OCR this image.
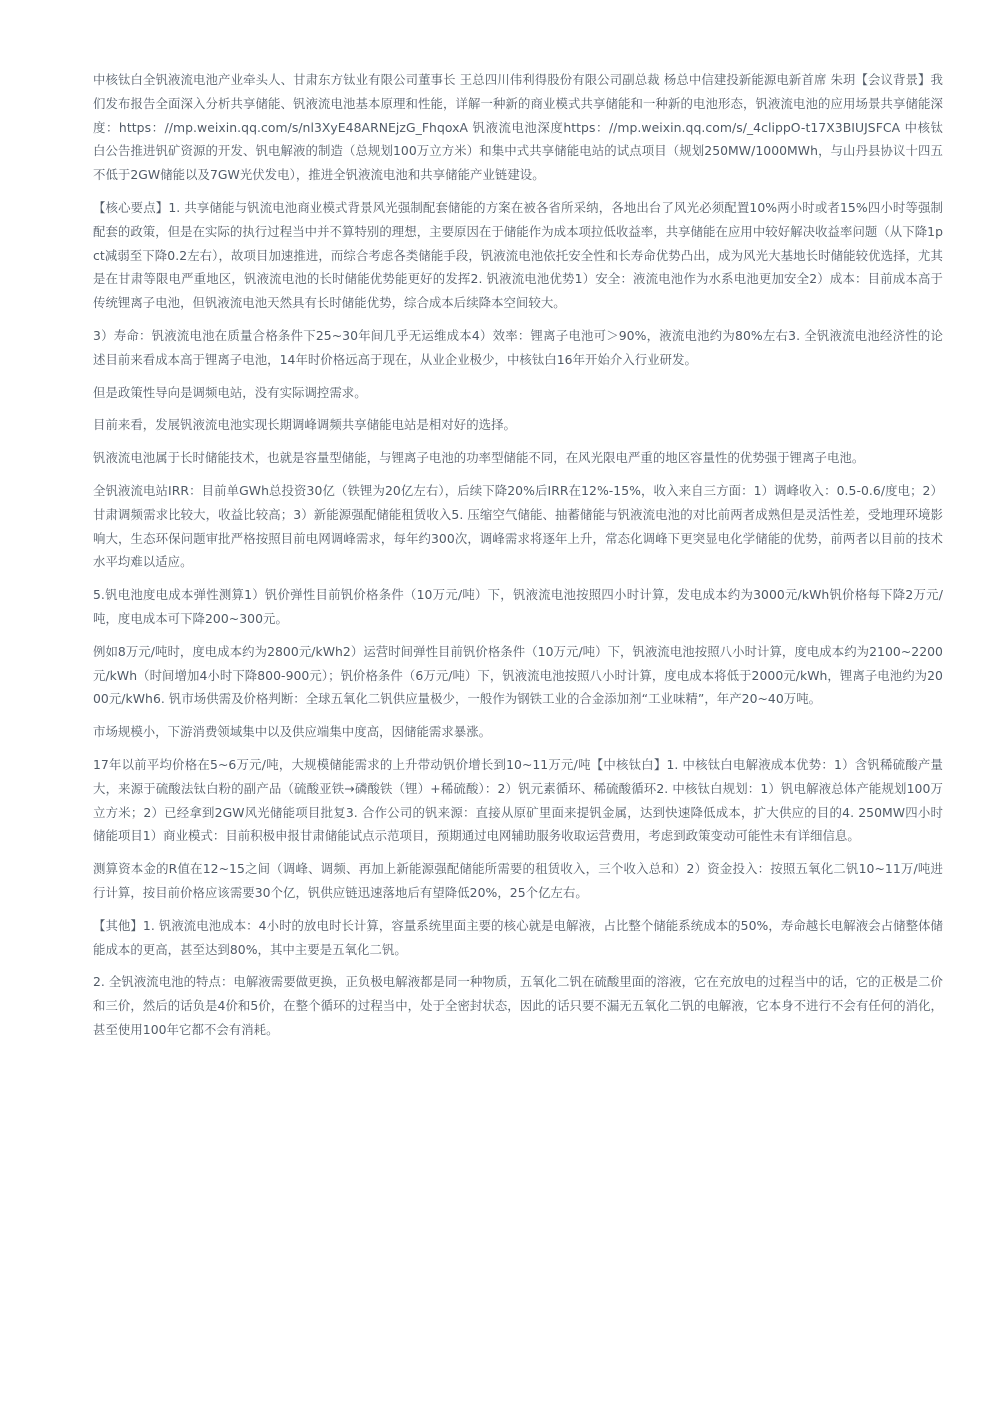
中核钛白全钒液流电池产业牵头人、甘肃东方钛业有限公司董事长 王总四川伟利得股份有限公司副总裁 杨总中信建投新能源电新首席 朱玥【会议背景】我们发布报告全面深入分析共享储能、钒液流电池基本原理和性能，详解一种新的商业模式共享储能和一种新的电池形态，钒液流电池的应用场景共享储能深度：https：//mp.weixin.qq.com/s/nl3XyE48ARNEjzG_FhqoxA 钒液流电池深度https：//mp.weixin.qq.com/s/_4clippO-t17X3BIUJSFCA 中核钛白公告推进钒矿资源的开发、钒电解液的制造（总规划100万立方米）和集中式共享储能电站的试点项目（规划250MW/1000MWh，与山丹县协议十四五不低于2GW储能以及7GW光伏发电），推进全钒液流电池和共享储能产业链建设。

【核心要点】1. 共享储能与钒流电池商业模式背景风光强制配套储能的方案在被各省所采纳，各地出台了风光必须配置10%两小时或者15%四小时等强制配套的政策，但是在实际的执行过程当中并不算特别的理想，主要原因在于储能作为成本项拉低收益率，共享储能在应用中较好解决收益率问题（从下降1pct减弱至下降0.2左右），故项目加速推进，而综合考虑各类储能手段，钒液流电池依托安全性和长寿命优势凸出，成为风光大基地长时储能较优选择，尤其是在甘肃等限电严重地区，钒液流电池的长时储能优势能更好的发挥2. 钒液流电池优势1）安全：液流电池作为水系电池更加安全2）成本：目前成本高于传统锂离子电池，但钒液流电池天然具有长时储能优势，综合成本后续降本空间较大。

3）寿命：钒液流电池在质量合格条件下25~30年间几乎无运维成本4）效率：锂离子电池可＞90%，液流电池约为80%左右3. 全钒液流电池经济性的论述目前来看成本高于锂离子电池，14年时价格远高于现在，从业企业极少，中核钛白16年开始介入行业研发。

但是政策性导向是调频电站，没有实际调控需求。

目前来看，发展钒液流电池实现长期调峰调频共享储能电站是相对好的选择。

钒液流电池属于长时储能技术，也就是容量型储能，与锂离子电池的功率型储能不同，在风光限电严重的地区容量性的优势强于锂离子电池。

全钒液流电站IRR：目前单GWh总投资30亿（铁锂为20亿左右），后续下降20%后IRR在12%-15%，收入来自三方面：1）调峰收入：0.5-0.6/度电；2）甘肃调频需求比较大，收益比较高；3）新能源强配储能租赁收入5. 压缩空气储能、抽蓄储能与钒液流电池的对比前两者成熟但是灵活性差，受地理环境影响大，生态环保问题审批严格按照目前电网调峰需求，每年约300次，调峰需求将逐年上升，常态化调峰下更突显电化学储能的优势，前两者以目前的技术水平均难以适应。

5.钒电池度电成本弹性测算1）钒价弹性目前钒价格条件（10万元/吨）下，钒液流电池按照四小时计算，发电成本约为3000元/kWh钒价格每下降2万元/吨，度电成本可下降200~300元。

例如8万元/吨时，度电成本约为2800元/kWh2）运营时间弹性目前钒价格条件（10万元/吨）下，钒液流电池按照八小时计算，度电成本约为2100~2200元/kWh（时间增加4小时下降800-900元）；钒价格条件（6万元/吨）下，钒液流电池按照八小时计算，度电成本将低于2000元/kWh，锂离子电池约为2000元/kWh6. 钒市场供需及价格判断：全球五氧化二钒供应量极少，一般作为钢铁工业的合金添加剂“工业味精”，年产20~40万吨。

市场规模小，下游消费领域集中以及供应端集中度高，因储能需求暴涨。

17年以前平均价格在5~6万元/吨，大规模储能需求的上升带动钒价增长到10~11万元/吨【中核钛白】1. 中核钛白电解液成本优势：1）含钒稀硫酸产量大，来源于硫酸法钛白粉的副产品（硫酸亚铁→磷酸铁（锂）+稀硫酸）：2）钒元素循环、稀硫酸循环2. 中核钛白规划：1）钒电解液总体产能规划100万立方米；2）已经拿到2GW风光储能项目批复3. 合作公司的钒来源：直接从原矿里面来提钒金属，达到快速降低成本，扩大供应的目的4. 250MW四小时储能项目1）商业模式：目前积极申报甘肃储能试点示范项目，预期通过电网辅助服务收取运营费用，考虑到政策变动可能性未有详细信息。

测算资本金的R值在12~15之间（调峰、调频、再加上新能源强配储能所需要的租赁收入，三个收入总和）2）资金投入：按照五氧化二钒10~11万/吨进行计算，按目前价格应该需要30个亿，钒供应链迅速落地后有望降低20%，25个亿左右。

【其他】1. 钒液流电池成本：4小时的放电时长计算，容量系统里面主要的核心就是电解液，占比整个储能系统成本的50%，寿命越长电解液会占储整体储能成本的更高，甚至达到80%，其中主要是五氧化二钒。

2. 全钒液流电池的特点：电解液需要做更换，正负极电解液都是同一种物质，五氧化二钒在硫酸里面的溶液，它在充放电的过程当中的话，它的正极是二价和三价，然后的话负是4价和5价，在整个循环的过程当中，处于全密封状态，因此的话只要不漏无五氧化二钒的电解液，它本身不进行不会有任何的消化，甚至使用100年它都不会有消耗。
